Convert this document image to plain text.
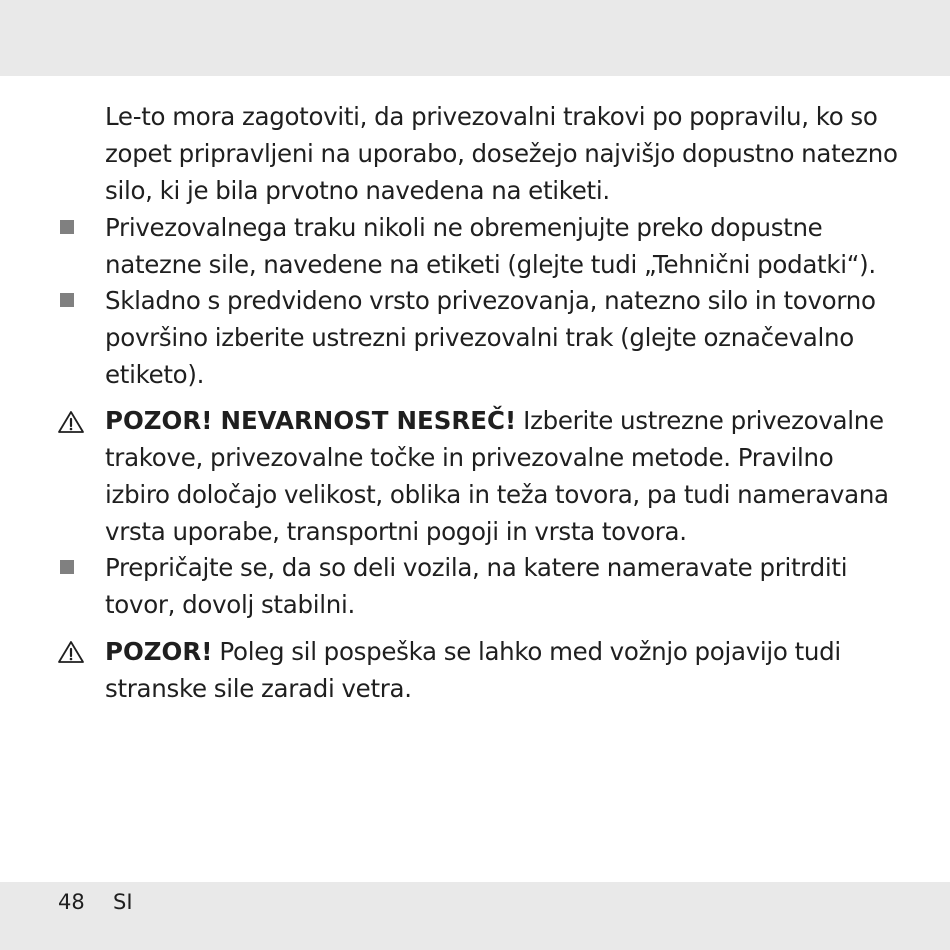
Le-to mora zagotoviti, da privezovalni trakovi po popravilu, ko so zopet pripravljeni na uporabo, dosežejo najvišjo dopustno natezno silo, ki je bila prvotno navedena na etiketi.
Privezovalnega traku nikoli ne obremenjujte preko dopustne natezne sile, navedene na etiketi (glejte tudi „Tehnični podatki“).
Skladno s predvideno vrsto privezovanja, natezno silo in tovorno površino izberite ustrezni privezovalni trak (glejte označevalno etiketo).
POZOR! NEVARNOST NESREČ! Izberite ustrezne privezovalne trakove, privezovalne točke in privezovalne metode. Pravilno izbiro določajo velikost, oblika in teža tovora, pa tudi nameravana vrsta uporabe, transportni pogoji in vrsta tovora.
Prepričajte se, da so deli vozila, na katere nameravate pritrditi tovor, dovolj stabilni.
POZOR! Poleg sil pospeška se lahko med vožnjo pojavijo tudi stranske sile zaradi vetra.
48 SI
